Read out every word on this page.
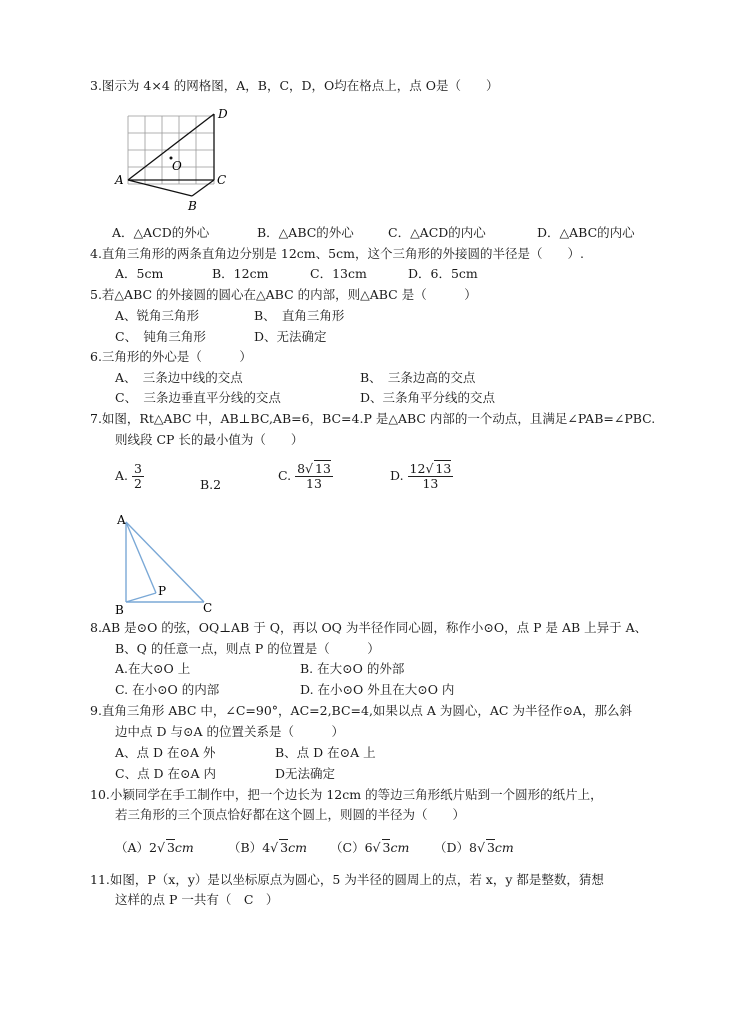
3.图示为 4×4 的网格图，A，B，C，D，O均在格点上，点 O是（　　）
D
O
A	C
B
A．△ACD的外心	B．△ABC的外心	C．△ACD的内心	D．△ABC的内心
4.直角三角形的两条直角边分别是 12cm、5cm，这个三角形的外接圆的半径是（　　）.
A．5cm	B．12cm	C．13cm	D．6．5cm
5.若△ABC 的外接圆的圆心在△ABC 的内部，则△ABC 是（　　　）
A、锐角三角形	B、　直角三角形
C、　钝角三角形	D、无法确定
6.三角形的外心是（　　　）
A、　三条边中线的交点	B、　三条边高的交点
C、　三条边垂直平分线的交点	D、三条角平分线的交点
7.如图，Rt△ABC 中，AB⊥BC,AB=6，BC=4.P 是△ABC 内部的一个动点，且满足∠PAB=∠PBC.
则线段 CP 长的最小值为（　　）
A. $\frac{3}{2}$	B.2
C. $\frac{8√ 13}{13}$	D. $\frac{12√ 13}{13}$
A
P
B	C
8.AB 是⊙O 的弦，OQ⊥AB 于 Q，再以 OQ 为半径作同心圆，称作小⊙O，点 P 是 AB 上异于 A、
B、Q 的任意一点，则点 P 的位置是（　　　）
A.在大⊙O 上	B. 在大⊙O 的外部
C. 在小⊙O 的内部	D. 在小⊙O 外且在大⊙O 内
9.直角三角形 ABC 中，∠C=90°，AC=2,BC=4,如果以点 A 为圆心，AC 为半径作⊙A，那么斜
边中点 D 与⊙A 的位置关系是（　　　）
A、点 D 在⊙A 外	B、点 D 在⊙A 上
C、点 D 在⊙A 内	D无法确定
10.小颖同学在手工制作中，把一个边长为 12cm 的等边三角形纸片贴到一个圆形的纸片上，
若三角形的三个顶点恰好都在这个圆上，则圆的半径为（　　）
（A）2√ 3cm	（B）4√ 3cm （C）6√ 3cm （D）8√ 3cm
11.如图，P（x，y）是以坐标原点为圆心，5 为半径的圆周上的点，若 x，y 都是整数，猜想
这样的点 P 一共有（　C　）
